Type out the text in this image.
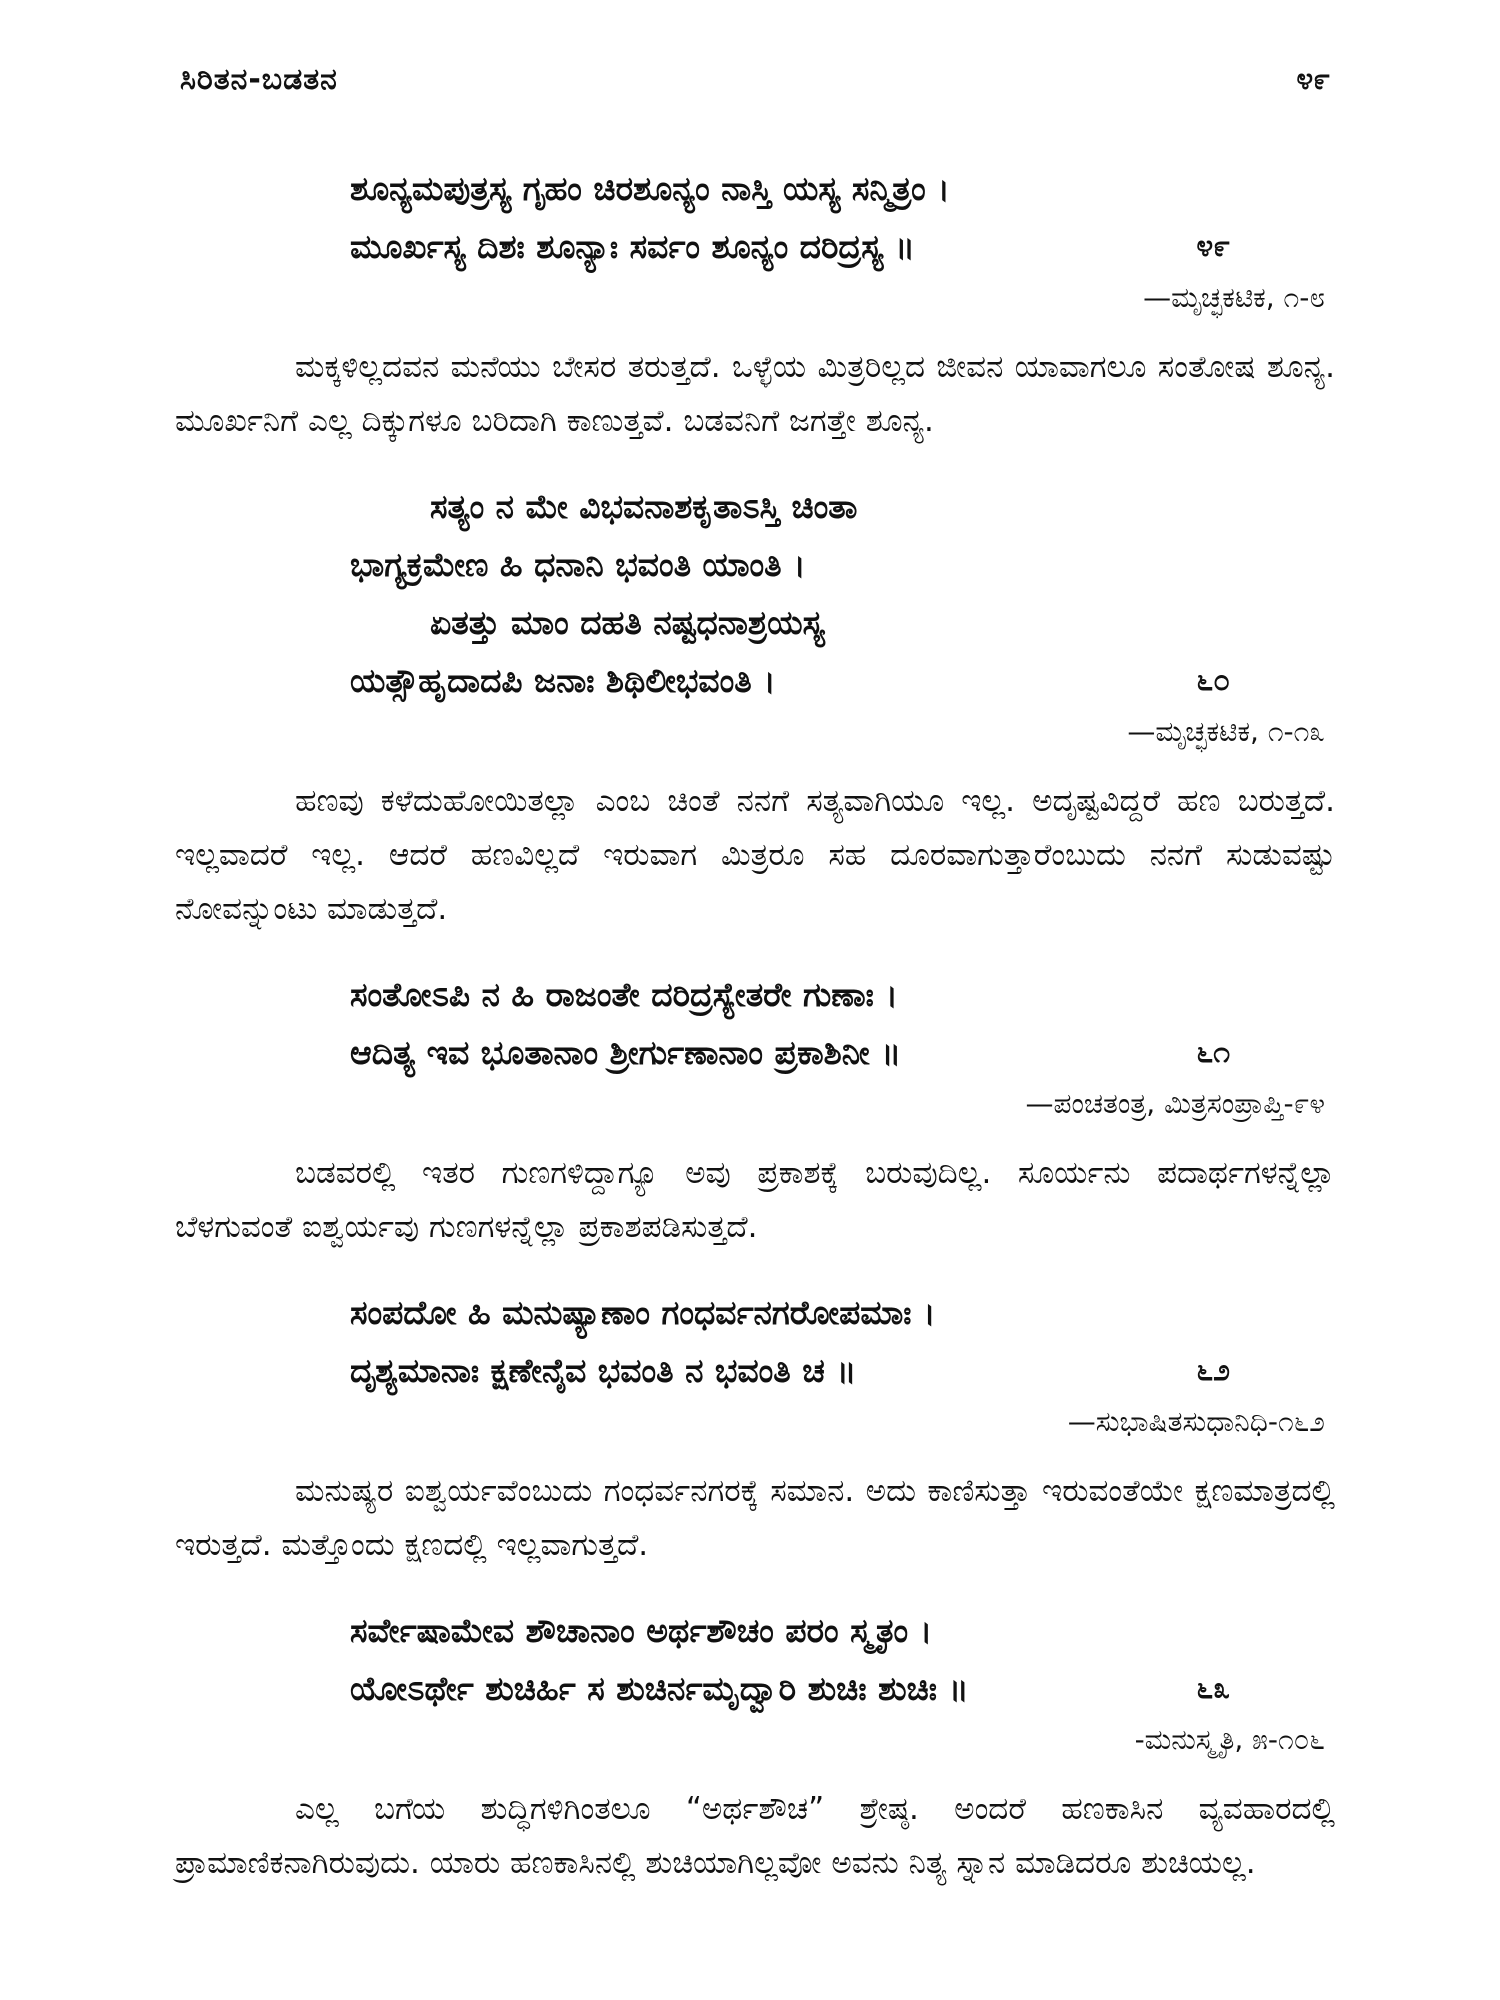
ಸಿರಿತನ-ಬಡತನ	೪೯
ಶೂನ್ಯಮಪುತ್ರಸ್ಯ ಗೃಹಂ ಚಿರಶೂನ್ಯಂ ನಾಸ್ತಿ ಯಸ್ಯ ಸನ್ಮಿತ್ರಂ ।
ಮೂರ್ಖಸ್ಯ ದಿಶಃ ಶೂನ್ಯಾಃ ಸರ್ವಂ ಶೂನ್ಯಂ ದರಿದ್ರಸ್ಯ ॥	೪೯
—ಮೃಚ್ಛಕಟಿಕ, ೧-೮

ಮಕ್ಕಳಿಲ್ಲದವನ ಮನೆಯು ಬೇಸರ ತರುತ್ತದೆ. ಒಳ್ಳೆಯ ಮಿತ್ರರಿಲ್ಲದ ಜೀವನ ಯಾವಾಗಲೂ ಸಂತೋಷ ಶೂನ್ಯ. ಮೂರ್ಖನಿಗೆ ಎಲ್ಲ ದಿಕ್ಕುಗಳೂ ಬರಿದಾಗಿ ಕಾಣುತ್ತವೆ. ಬಡವನಿಗೆ ಜಗತ್ತೇ ಶೂನ್ಯ.

ಸತ್ಯಂ ನ ಮೇ ವಿಭವನಾಶಕೃತಾಽಸ್ತಿ ಚಿಂತಾ
ಭಾಗ್ಯಕ್ರಮೇಣ ಹಿ ಧನಾನಿ ಭವಂತಿ ಯಾಂತಿ ।
ಏತತ್ತು ಮಾಂ ದಹತಿ ನಷ್ಟಧನಾಶ್ರಯಸ್ಯ
ಯತ್ಸೌಹೃದಾದಪಿ ಜನಾಃ ಶಿಥಿಲೀಭವಂತಿ ।	೬೦
—ಮೃಚ್ಛಕಟಿಕ, ೧-೧೩

ಹಣವು ಕಳೆದುಹೋಯಿತಲ್ಲಾ ಎಂಬ ಚಿಂತೆ ನನಗೆ ಸತ್ಯವಾಗಿಯೂ ಇಲ್ಲ. ಅದೃಷ್ಟವಿದ್ದರೆ ಹಣ ಬರುತ್ತದೆ. ಇಲ್ಲವಾದರೆ ಇಲ್ಲ. ಆದರೆ ಹಣವಿಲ್ಲದೆ ಇರುವಾಗ ಮಿತ್ರರೂ ಸಹ ದೂರವಾಗುತ್ತಾರೆಂಬುದು ನನಗೆ ಸುಡುವಷ್ಟು ನೋವನ್ನುಂಟು ಮಾಡುತ್ತದೆ.

ಸಂತೋಽಪಿ ನ ಹಿ ರಾಜಂತೇ ದರಿದ್ರಸ್ಯೇತರೇ ಗುಣಾಃ ।
ಆದಿತ್ಯ ಇವ ಭೂತಾನಾಂ ಶ್ರೀರ್ಗುಣಾನಾಂ ಪ್ರಕಾಶಿನೀ ॥	೬೧
—ಪಂಚತಂತ್ರ, ಮಿತ್ರಸಂಪ್ರಾಪ್ತಿ-೯೪

ಬಡವರಲ್ಲಿ ಇತರ ಗುಣಗಳಿದ್ದಾಗ್ಯೂ ಅವು ಪ್ರಕಾಶಕ್ಕೆ ಬರುವುದಿಲ್ಲ. ಸೂರ್ಯನು ಪದಾರ್ಥಗಳನ್ನೆಲ್ಲಾ ಬೆಳಗುವಂತೆ ಐಶ್ವರ್ಯವು ಗುಣಗಳನ್ನೆಲ್ಲಾ ಪ್ರಕಾಶಪಡಿಸುತ್ತದೆ.

ಸಂಪದೋ ಹಿ ಮನುಷ್ಯಾಣಾಂ ಗಂಧರ್ವನಗರೋಪಮಾಃ ।
ದೃಶ್ಯಮಾನಾಃ ಕ್ಷಣೇನೈವ ಭವಂತಿ ನ ಭವಂತಿ ಚ ॥	೬೨
—ಸುಭಾಷಿತಸುಧಾನಿಧಿ-೧೬೨

ಮನುಷ್ಯರ ಐಶ್ವರ್ಯವೆಂಬುದು ಗಂಧರ್ವನಗರಕ್ಕೆ ಸಮಾನ. ಅದು ಕಾಣಿಸುತ್ತಾ ಇರುವಂತೆಯೇ ಕ್ಷಣಮಾತ್ರದಲ್ಲಿ ಇರುತ್ತದೆ. ಮತ್ತೊಂದು ಕ್ಷಣದಲ್ಲಿ ಇಲ್ಲವಾಗುತ್ತದೆ.

ಸರ್ವೇಷಾಮೇವ ಶೌಚಾನಾಂ ಅರ್ಥಶೌಚಂ ಪರಂ ಸ್ಮೃತಂ ।
ಯೋಽರ್ಥೇ ಶುಚಿರ್ಹಿ ಸ ಶುಚಿರ್ನಮೃದ್ವಾರಿ ಶುಚಿಃ ಶುಚಿಃ ॥	೬೩
-ಮನುಸ್ಮೃತಿ, ೫-೧೦೬

ಎಲ್ಲ ಬಗೆಯ ಶುದ್ಧಿಗಳಿಗಿಂತಲೂ “ಅರ್ಥಶೌಚ” ಶ್ರೇಷ್ಠ. ಅಂದರೆ ಹಣಕಾಸಿನ ವ್ಯವಹಾರದಲ್ಲಿ ಪ್ರಾಮಾಣಿಕನಾಗಿರುವುದು. ಯಾರು ಹಣಕಾಸಿನಲ್ಲಿ ಶುಚಿಯಾಗಿಲ್ಲವೋ ಅವನು ನಿತ್ಯ ಸ್ನಾನ ಮಾಡಿದರೂ ಶುಚಿಯಲ್ಲ.
